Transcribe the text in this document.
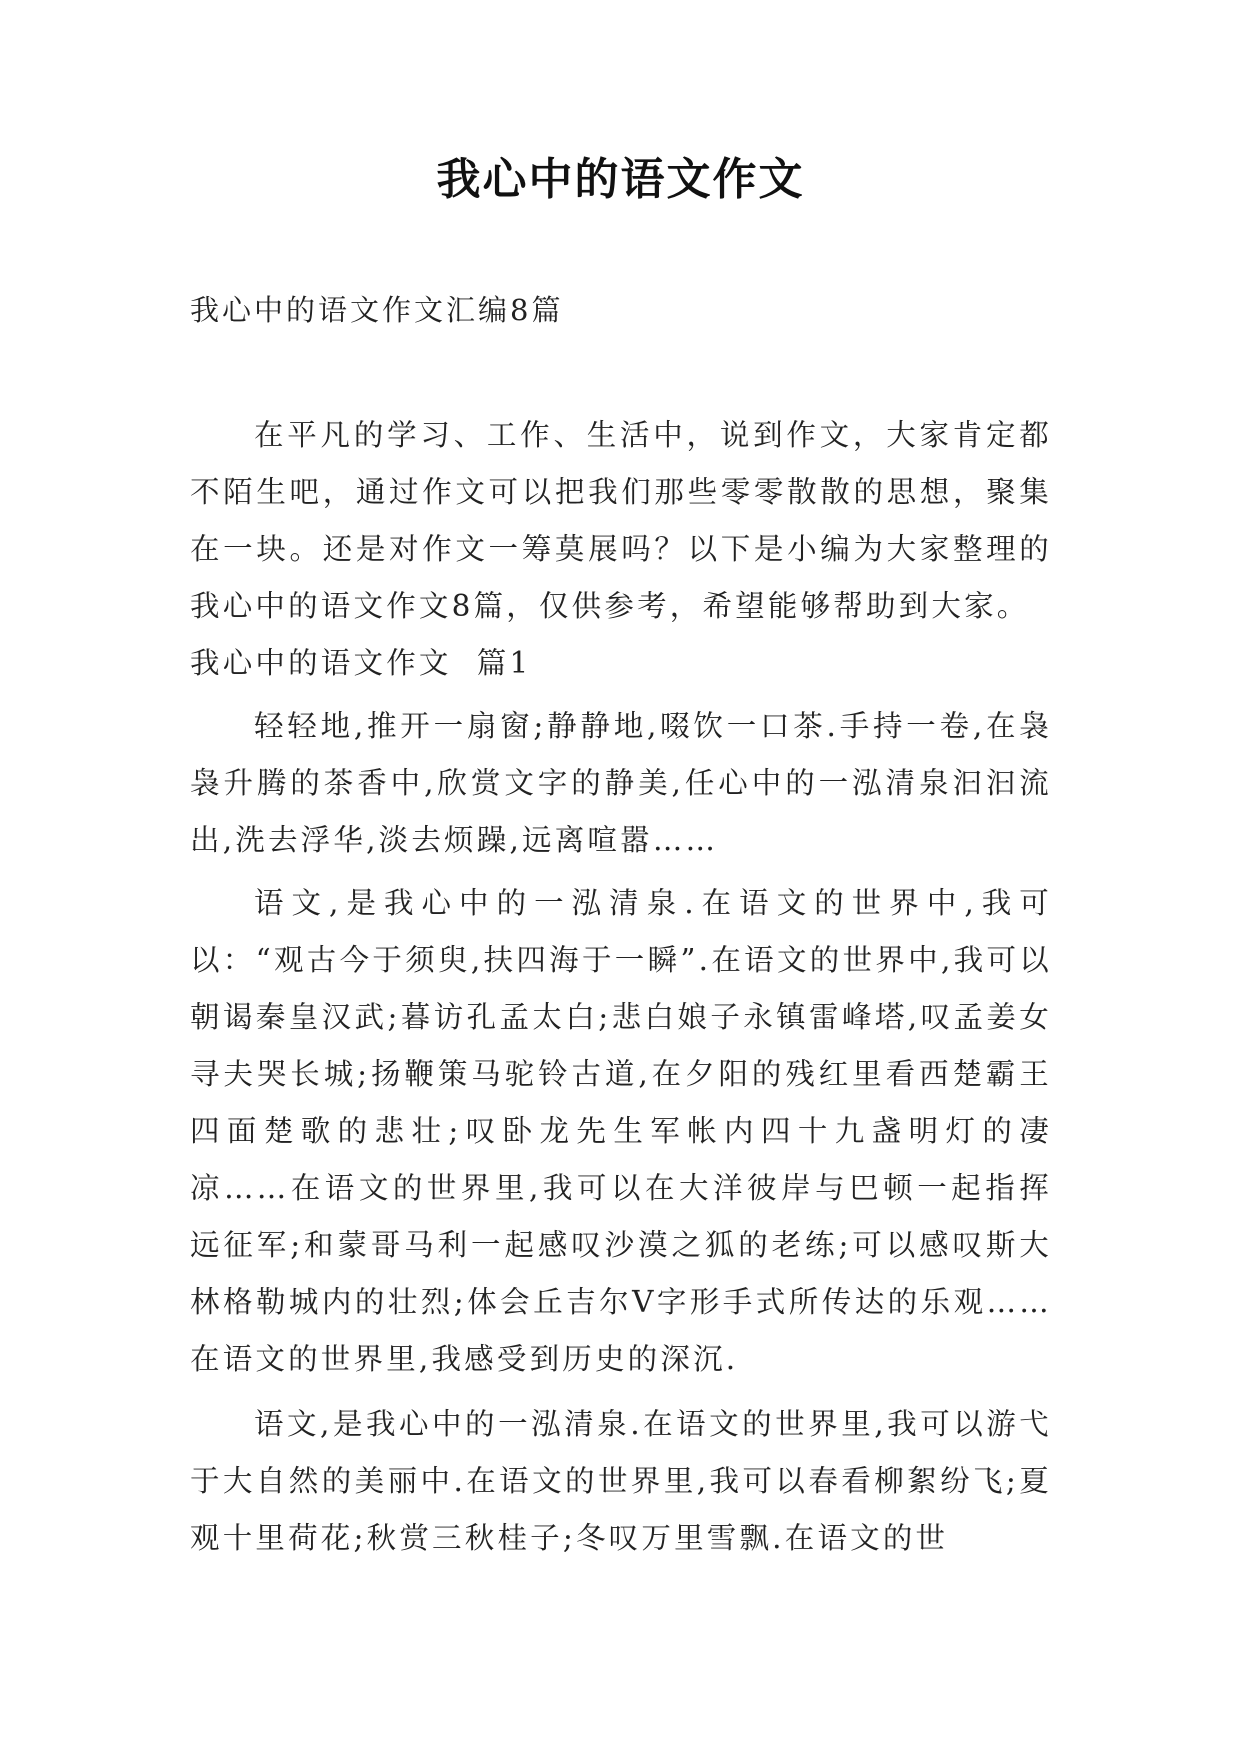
我心中的语文作文
我心中的语文作文汇编8篇

在平凡的学习、工作、生活中，说到作文，大家肯定都不陌生吧，通过作文可以把我们那些零零散散的思想，聚集在一块。还是对作文一筹莫展吗？以下是小编为大家整理的我心中的语文作文8篇，仅供参考，希望能够帮助到大家。

我心中的语文作文  篇1

轻轻地,推开一扇窗;静静地,啜饮一口茶.手持一卷,在袅袅升腾的茶香中,欣赏文字的静美,任心中的一泓清泉汩汩流出,洗去浮华,淡去烦躁,远离喧嚣……

语文,是我心中的一泓清泉.在语文的世界中,我可以：“观古今于须臾,扶四海于一瞬”.在语文的世界中,我可以朝谒秦皇汉武;暮访孔孟太白;悲白娘子永镇雷峰塔,叹孟姜女寻夫哭长城;扬鞭策马驼铃古道,在夕阳的残红里看西楚霸王四面楚歌的悲壮;叹卧龙先生军帐内四十九盏明灯的凄凉……在语文的世界里,我可以在大洋彼岸与巴顿一起指挥远征军;和蒙哥马利一起感叹沙漠之狐的老练;可以感叹斯大林格勒城内的壮烈;体会丘吉尔V字形手式所传达的乐观……在语文的世界里,我感受到历史的深沉.

语文,是我心中的一泓清泉.在语文的世界里,我可以游弋于大自然的美丽中.在语文的世界里,我可以春看柳絮纷飞;夏观十里荷花;秋赏三秋桂子;冬叹万里雪飘.在语文的世
